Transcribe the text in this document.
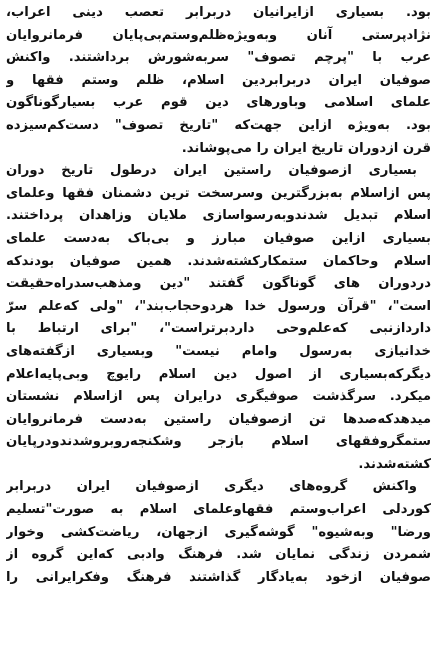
بود. بسیاری ازایرانیان دربرابر تعصب دینی اعراب،
نژادپرستی آنان وبه‌ویژه‌ظلم‌وستم‌بی‌پایان فرمانروایان
عرب با "پرچم تصوف" سربه‌شورش برداشتند. واکنش
صوفیان ایران دربرابردین اسلام، ظلم وستم فقها و
علمای اسلامی وباورهای دین قوم عرب بسیارگوناگون
بود. به‌ویژه ازاین جهت‌که "تاریخ تصوف" دست‌کم‌سیزده
قرن ازدوران تاریخ ایران را می‌پوشاند.
بسیاری ازصوفیان راستین ایران درطول تاریخ دوران
پس ازاسلام به‌بزرگترین وسرسخت ترین دشمنان فقها وعلمای
اسلام تبدیل شدندوبه‌رسواسازی ملایان وزاهدان پرداختند.
بسیاری ازاین صوفیان مبارز و بی‌باک به‌دست علمای
اسلام وحاکمان ستمکارکشته‌شدند. همین صوفیان بودندکه
دردوران های گوناگون گفتند "دین ومذهب‌سد‌راه‌حقیقت‌
است"، "قرآن ورسول خدا هردوحجاب‌بند"، "ولی که‌علم سرّ
داردازنبی که‌علم‌وحی داردبرتراست"، "برای ارتباط با
خدانیازی به‌رسول وامام نیست" وبسیاری ازگفته‌های
دیگرکه‌بسیاری از اصول دین اسلام رایوچ وبی‌پایه‌اعلام
میکرد. سرگذشت صوفیگری درایران پس ازاسلام نشستان
میدهدکه‌صدها تن ازصوفیان راستین به‌دست فرمانروایان
ستمگروفقهای اسلام بازجر وشکنجه‌روبروشدندودرپایان
کشته‌شدند.
واکنش گروه‌های دیگری ازصوفیان ایران دربرابر
کوردلی اعراب‌وستم فقها‌وعلمای اسلام به صورت"تسلیم
ورضا" وبه‌شیوه" گوشه‌گیری ازجهان، ریاضت‌کشی وخوار
شمردن زندگی نمایان شد. فرهنگ وادبی که‌این گروه از
صوفیان ازخود به‌یادگار گذاشتند فرهنگ وفکرایرانی را
